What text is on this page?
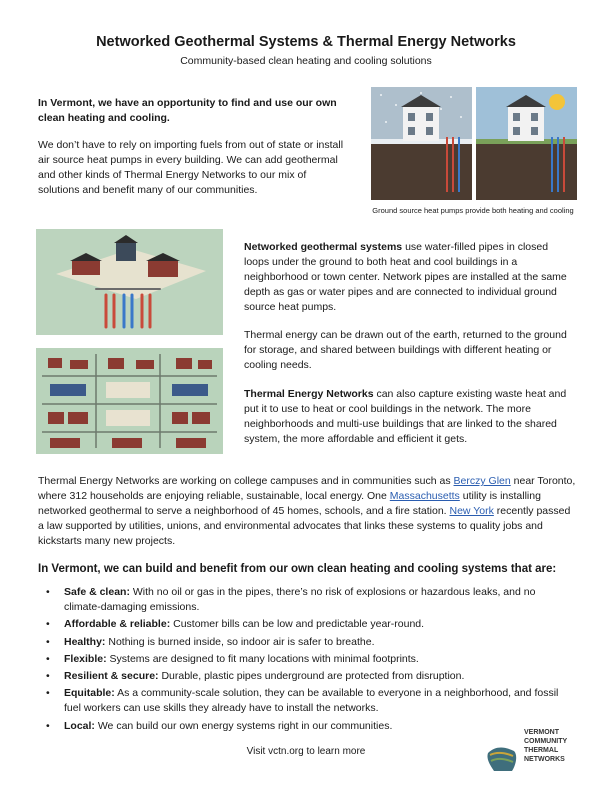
Networked Geothermal Systems & Thermal Energy Networks
Community-based clean heating and cooling solutions
In Vermont, we have an opportunity to find and use our own clean heating and cooling.
We don’t have to rely on importing fuels from out of state or install air source heat pumps in every building. We can add geothermal and other kinds of Thermal Energy Networks to our mix of solutions and benefit many of our communities.
Ground source heat pumps provide both heating and cooling
Networked geothermal systems use water-filled pipes in closed loops under the ground to both heat and cool buildings in a neighborhood or town center. Network pipes are installed at the same depth as gas or water pipes and are connected to individual ground source heat pumps.
Thermal energy can be drawn out of the earth, returned to the ground for storage, and shared between buildings with different heating or cooling needs.
Thermal Energy Networks can also capture existing waste heat and put it to use to heat or cool buildings in the network. The more neighborhoods and multi-use buildings that are linked to the shared system, the more affordable and efficient it gets.
Thermal Energy Networks are working on college campuses and in communities such as Berczy Glen near Toronto, where 312 households are enjoying reliable, sustainable, local energy. One Massachusetts utility is installing networked geothermal to serve a neighborhood of 45 homes, schools, and a fire station. New York recently passed a law supported by utilities, unions, and environmental advocates that links these systems to quality jobs and kickstarts many new projects.
In Vermont, we can build and benefit from our own clean heating and cooling systems that are:
• Safe & clean: With no oil or gas in the pipes, there’s no risk of explosions or hazardous leaks, and no climate-damaging emissions.
• Affordable & reliable: Customer bills can be low and predictable year-round.
• Healthy: Nothing is burned inside, so indoor air is safer to breathe.
• Flexible: Systems are designed to fit many locations with minimal footprints.
• Resilient & secure: Durable, plastic pipes underground are protected from disruption.
• Equitable: As a community-scale solution, they can be available to everyone in a neighborhood, and fossil fuel workers can use skills they already have to install the networks.
• Local: We can build our own energy systems right in our communities.
Visit vctn.org to learn more
VERMONT
COMMUNITY
THERMAL
NETWORKS
